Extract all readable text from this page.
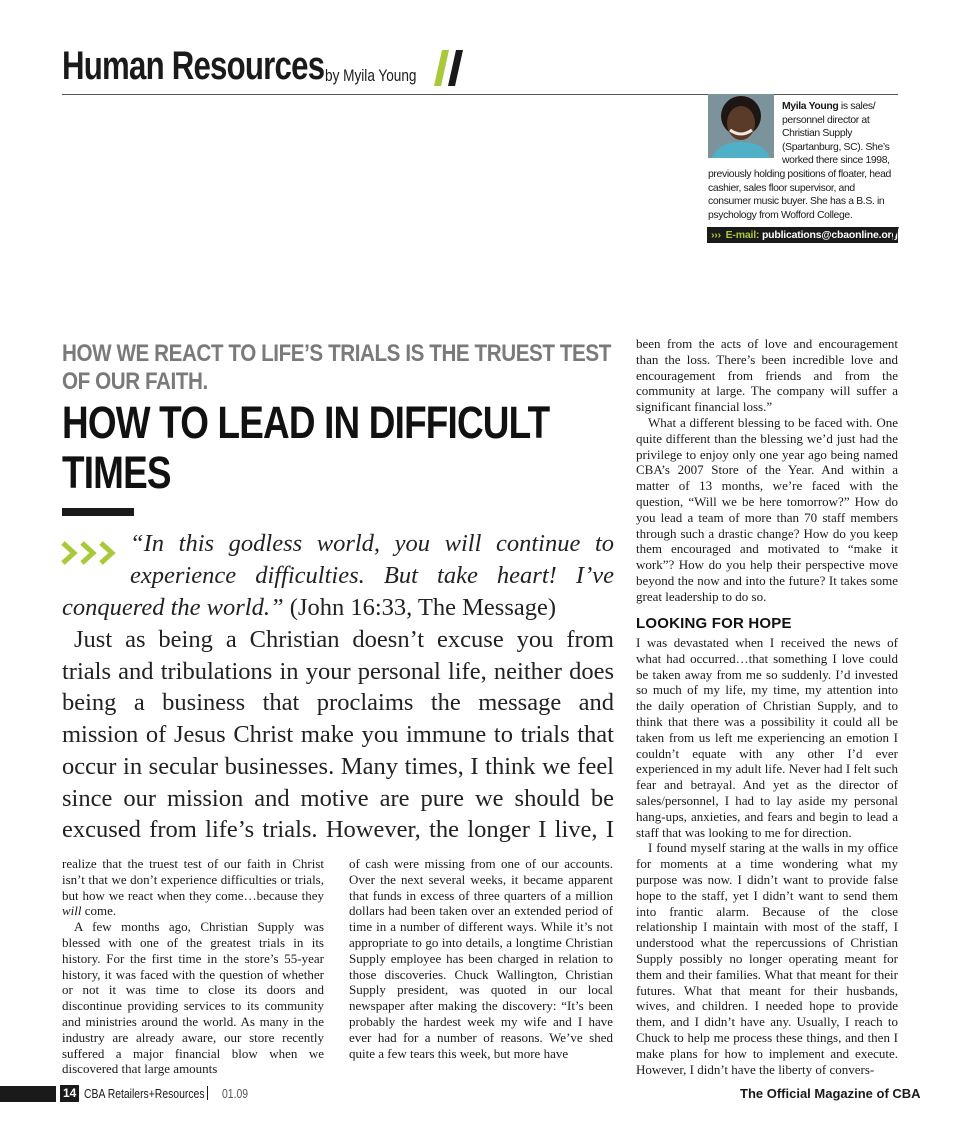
Human Resources by Myila Young
Myila Young is sales/ personnel director at Christian Supply (Spartanburg, SC). She’s worked there since 1998, previously holding positions of floater, head cashier, sales floor supervisor, and consumer music buyer. She has a B.S. in psychology from Wofford College.
››› E-mail: publications@cbaonline.org
HOW WE REACT TO LIFE’S TRIALS IS THE TRUEST TEST OF OUR FAITH.
HOW TO LEAD IN DIFFICULT TIMES
“In this godless world, you will continue to experience difficulties. But take heart! I’ve conquered the world.” (John 16:33, The Message)
Just as being a Christian doesn’t excuse you from trials and tribulations in your personal life, neither does being a business that proclaims the message and mission of Jesus Christ make you immune to trials that occur in secular businesses. Many times, I think we feel since our mission and motive are pure we should be excused from life’s trials. However, the longer I live, I

realize that the truest test of our faith in Christ isn’t that we don’t experience difficulties or trials, but how we react when they come…because they will come.

A few months ago, Christian Supply was blessed with one of the greatest trials in its history. For the first time in the store’s 55-year history, it was faced with the question of whether or not it was time to close its doors and discontinue providing services to its community and ministries around the world. As many in the industry are already aware, our store recently suffered a major financial blow when we discovered that large amounts

of cash were missing from one of our accounts. Over the next several weeks, it became apparent that funds in excess of three quarters of a million dollars had been taken over an extended period of time in a number of different ways. While it’s not appropriate to go into details, a longtime Christian Supply employee has been charged in relation to those discoveries. Chuck Wallington, Christian Supply president, was quoted in our local newspaper after making the discovery: “It’s been probably the hardest week my wife and I have ever had for a number of reasons. We’ve shed quite a few tears this week, but more have

been from the acts of love and encouragement than the loss. There’s been incredible love and encouragement from friends and from the community at large. The company will suffer a significant financial loss.”

What a different blessing to be faced with. One quite different than the blessing we’d just had the privilege to enjoy only one year ago being named CBA’s 2007 Store of the Year. And within a matter of 13 months, we’re faced with the question, “Will we be here tomorrow?” How do you lead a team of more than 70 staff members through such a drastic change? How do you keep them encouraged and motivated to “make it work”? How do you help their perspective move beyond the now and into the future? It takes some great leadership to do so.

LOOKING FOR HOPE

I was devastated when I received the news of what had occurred…that something I love could be taken away from me so suddenly. I’d invested so much of my life, my time, my attention into the daily operation of Christian Supply, and to think that there was a possibility it could all be taken from us left me experiencing an emotion I couldn’t equate with any other I’d ever experienced in my adult life. Never had I felt such fear and betrayal. And yet as the director of sales/personnel, I had to lay aside my personal hang-ups, anxieties, and fears and begin to lead a staff that was looking to me for direction.

I found myself staring at the walls in my office for moments at a time wondering what my purpose was now. I didn’t want to provide false hope to the staff, yet I didn’t want to send them into frantic alarm. Because of the close relationship I maintain with most of the staff, I understood what the repercussions of Christian Supply possibly no longer operating meant for them and their families. What that meant for their futures. What that meant for their husbands, wives, and children. I needed hope to provide them, and I didn’t have any. Usually, I reach to Chuck to help me process these things, and then I make plans for how to implement and execute. However, I didn’t have the liberty of convers-

14 CBA Retailers+Resources 01.09	The Official Magazine of CBA
